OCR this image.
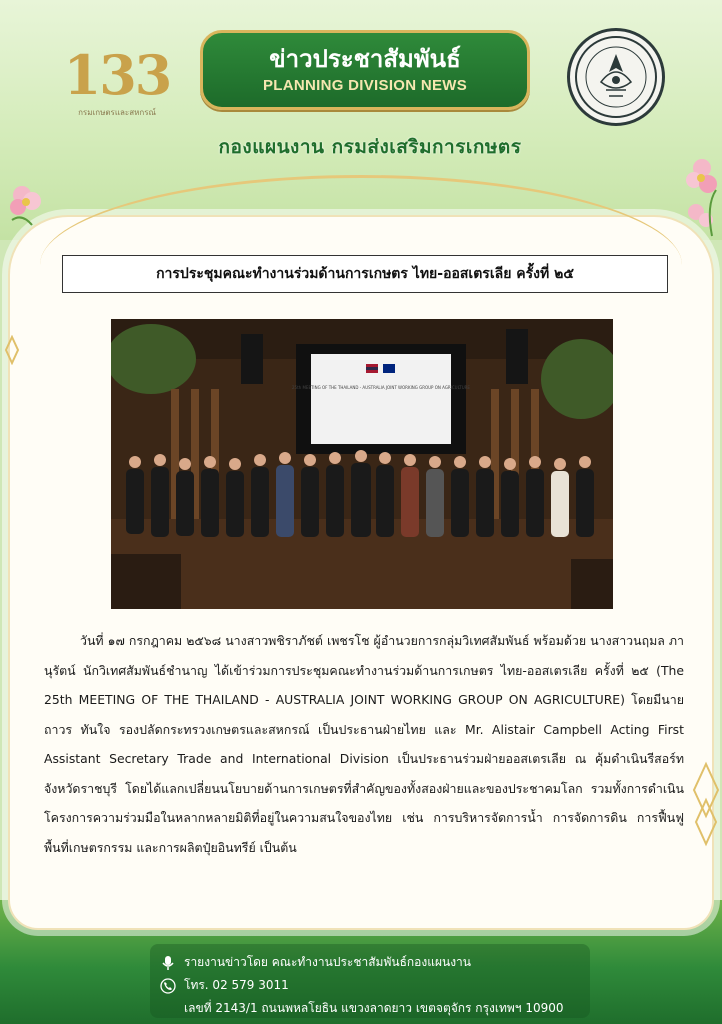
133
กรมเกษตรและสหกรณ์
ข่าวประชาสัมพันธ์
PLANNING DIVISION NEWS
กองแผนงาน กรมส่งเสริมการเกษตร
การประชุมคณะทำงานร่วมด้านการเกษตร ไทย-ออสเตรเลีย ครั้งที่ ๒๕
25th MEETING OF THE THAILAND - AUSTRALIA JOINT WORKING GROUP ON AGRICULTURE

วันที่ ๑๗ กรกฎาคม ๒๕๖๘ นางสาวพชิราภัชต์ เพชรโช ผู้อำนวยการกลุ่มวิเทศสัมพันธ์ พร้อมด้วย นางสาวนฤมล ภานุรัตน์ นักวิเทศสัมพันธ์ชำนาญ ได้เข้าร่วมการประชุมคณะทำงานร่วมด้านการเกษตร ไทย-ออสเตรเลีย ครั้งที่ ๒๕ (The 25th MEETING OF THE THAILAND - AUSTRALIA JOINT WORKING GROUP ON AGRICULTURE) โดยมีนายถาวร ทันใจ รองปลัดกระทรวงเกษตรและสหกรณ์ เป็นประธานฝ่ายไทย และ Mr. Alistair Campbell Acting First Assistant Secretary Trade and International Division เป็นประธานร่วมฝ่ายออสเตรเลีย ณ คุ้มดำเนินรีสอร์ท จังหวัดราชบุรี โดยได้แลกเปลี่ยนนโยบายด้านการเกษตรที่สำคัญของทั้งสองฝ่ายและของประชาคมโลก รวมทั้งการดำเนินโครงการความร่วมมือในหลากหลายมิติที่อยู่ในความสนใจของไทย เช่น การบริหารจัดการน้ำ การจัดการดิน การฟื้นฟูพื้นที่เกษตรกรรม และการผลิตปุ๋ยอินทรีย์ เป็นต้น

รายงานข่าวโดย คณะทำงานประชาสัมพันธ์กองแผนงาน
โทร. 02 579 3011
เลขที่ 2143/1 ถนนพหลโยธิน แขวงลาดยาว เขตจตุจักร กรุงเทพฯ 10900
